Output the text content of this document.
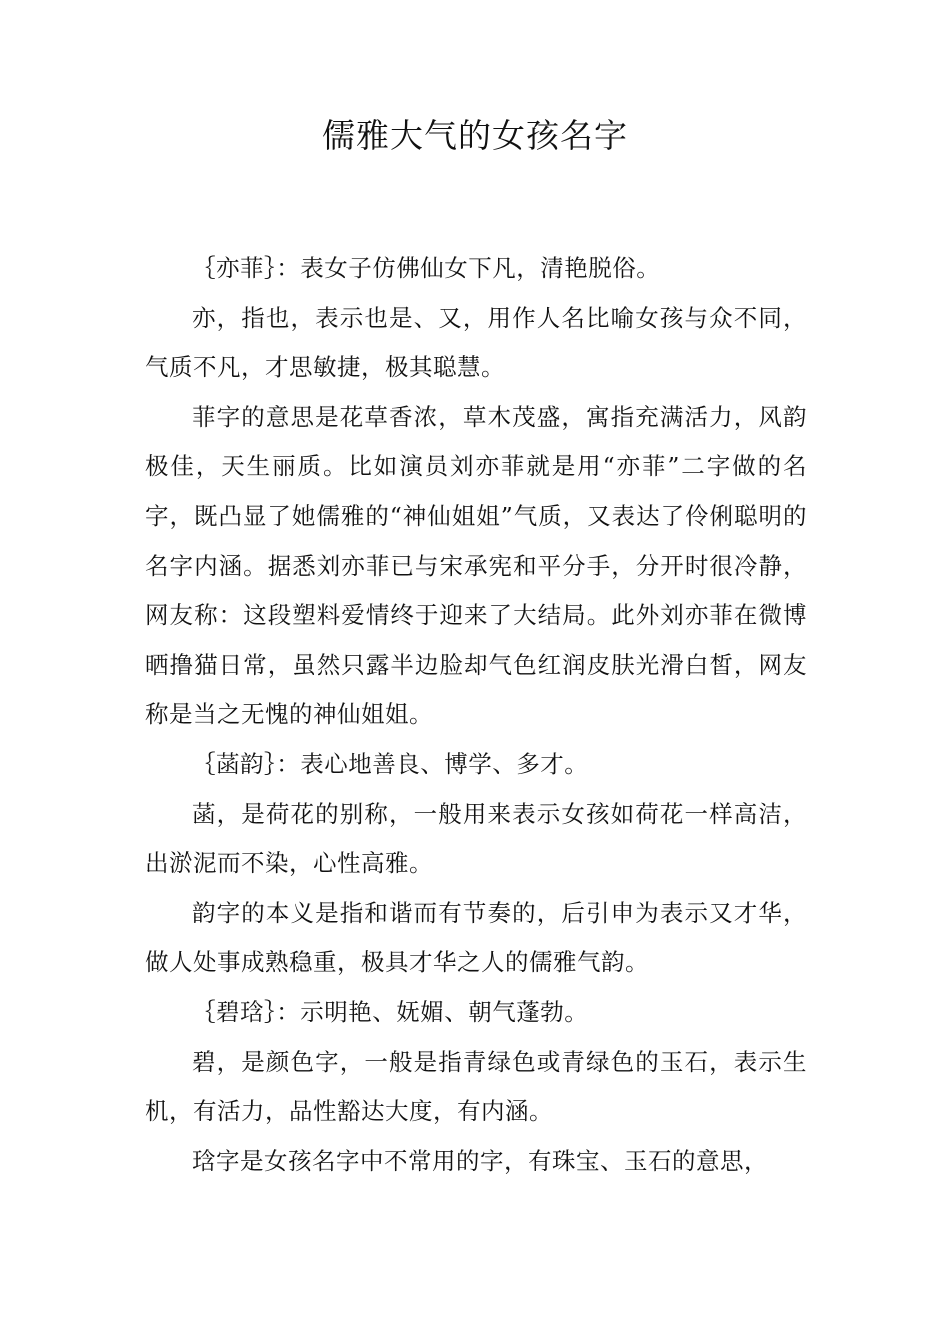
儒雅大气的女孩名字

｛亦菲｝：表女子仿佛仙女下凡，清艳脱俗。

亦，指也，表示也是、又，用作人名比喻女孩与众不同，气质不凡，才思敏捷，极其聪慧。

菲字的意思是花草香浓，草木茂盛，寓指充满活力，风韵极佳，天生丽质。比如演员刘亦菲就是用“亦菲”二字做的名字，既凸显了她儒雅的“神仙姐姐”气质，又表达了伶俐聪明的名字内涵。据悉刘亦菲已与宋承宪和平分手，分开时很冷静，网友称：这段塑料爱情终于迎来了大结局。此外刘亦菲在微博晒撸猫日常，虽然只露半边脸却气色红润皮肤光滑白皙，网友称是当之无愧的神仙姐姐。

｛菡韵｝：表心地善良、博学、多才。

菡，是荷花的别称，一般用来表示女孩如荷花一样高洁，出淤泥而不染，心性高雅。

韵字的本义是指和谐而有节奏的，后引申为表示又才华，做人处事成熟稳重，极具才华之人的儒雅气韵。

｛碧琀｝：示明艳、妩媚、朝气蓬勃。

碧，是颜色字，一般是指青绿色或青绿色的玉石，表示生机，有活力，品性豁达大度，有内涵。

琀字是女孩名字中不常用的字，有珠宝、玉石的意思，
